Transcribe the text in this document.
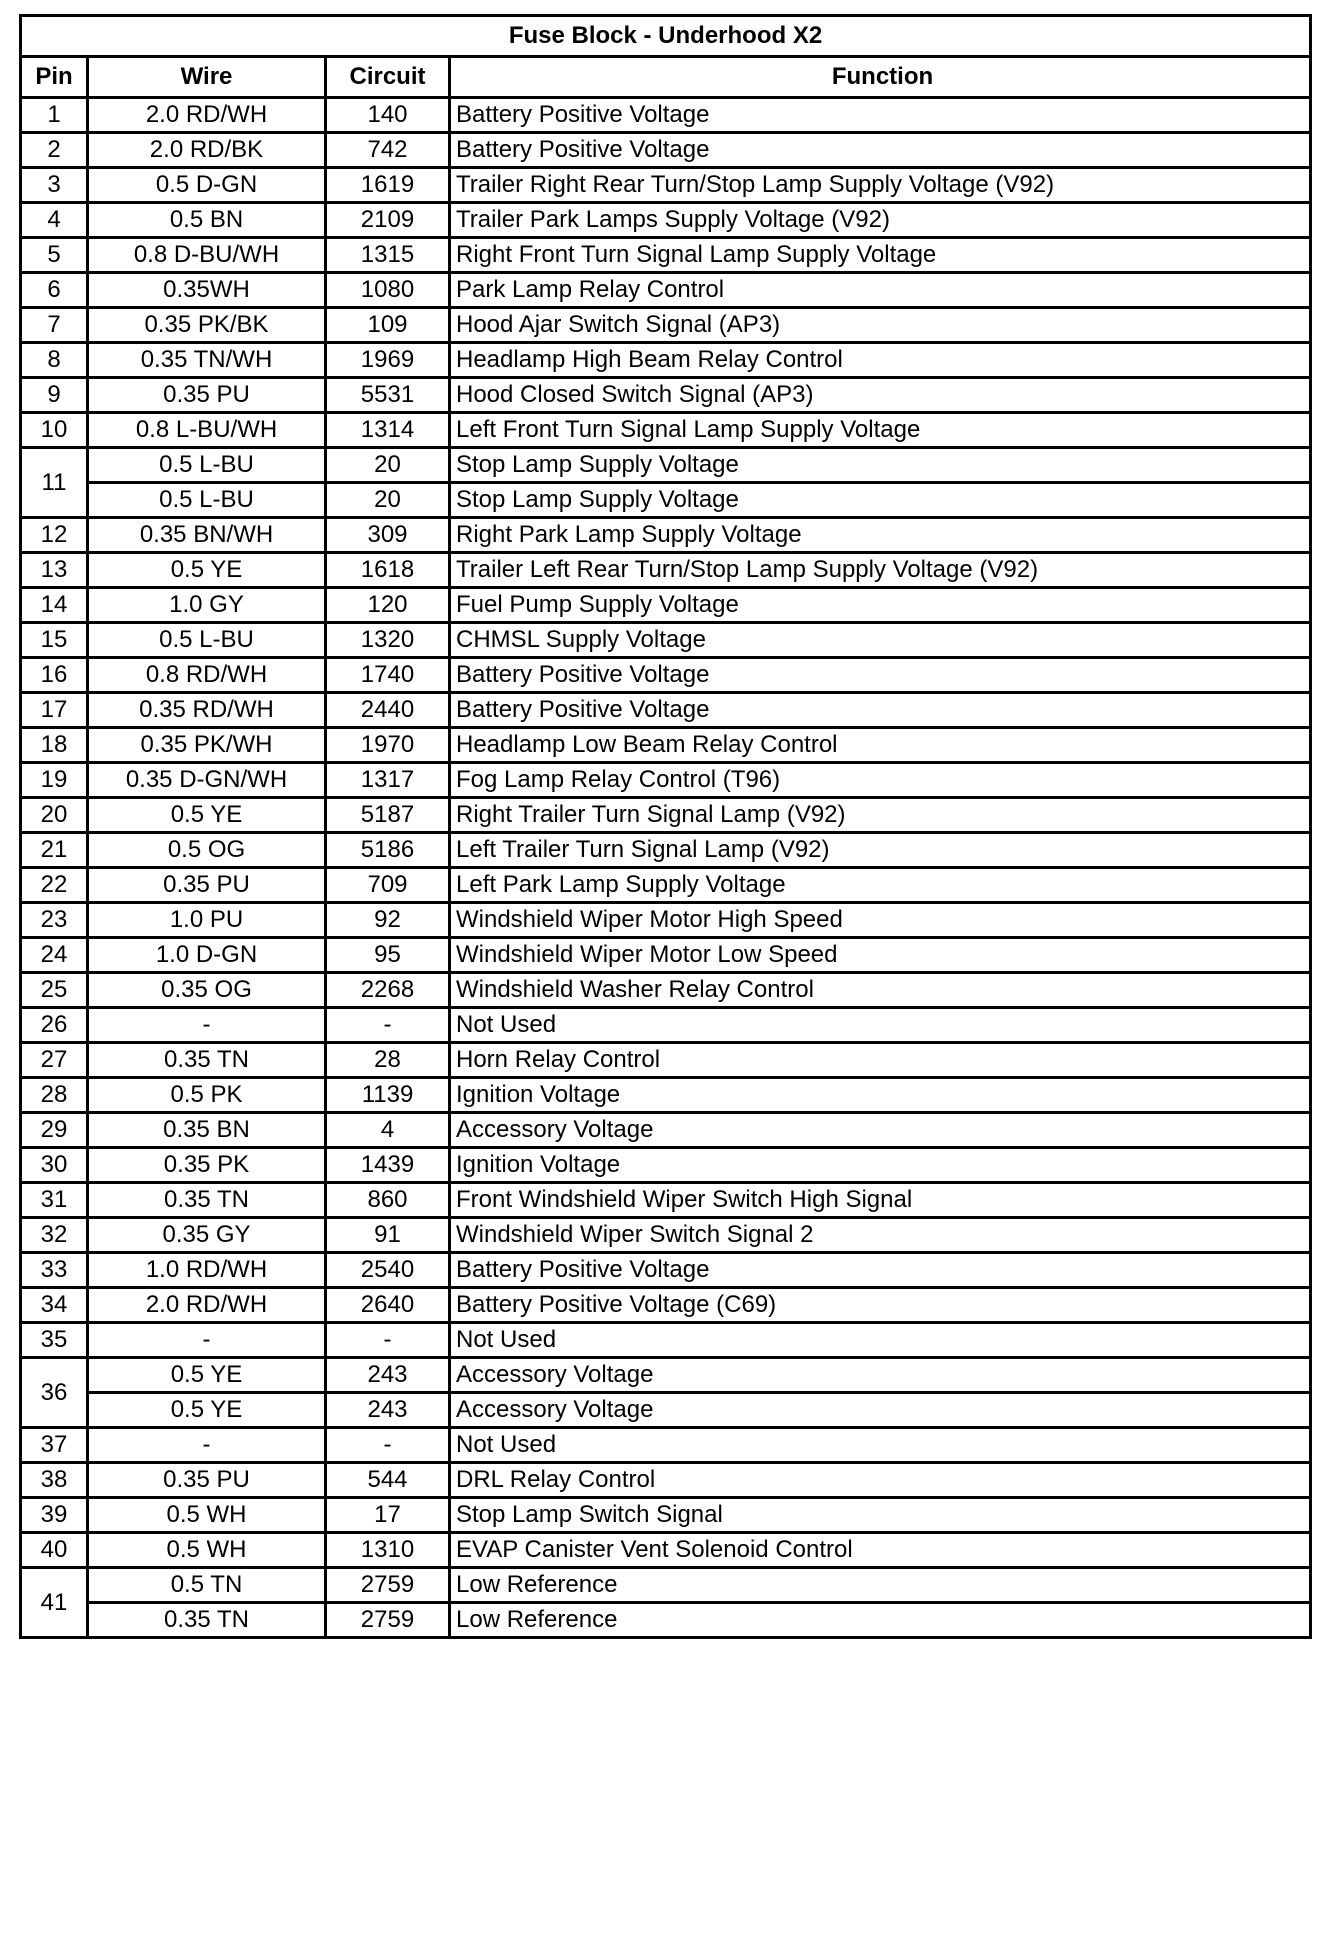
Fuse Block - Underhood X2			
Pin	Wire	Circuit	Function
1	2.0 RD/WH	140	Battery Positive Voltage
2	2.0 RD/BK	742	Battery Positive Voltage
3	0.5 D-GN	1619	Trailer Right Rear Turn/Stop Lamp Supply Voltage (V92)
4	0.5 BN	2109	Trailer Park Lamps Supply Voltage (V92)
5	0.8 D-BU/WH	1315	Right Front Turn Signal Lamp Supply Voltage
6	0.35WH	1080	Park Lamp Relay Control
7	0.35 PK/BK	109	Hood Ajar Switch Signal (AP3)
8	0.35 TN/WH	1969	Headlamp High Beam Relay Control
9	0.35 PU	5531	Hood Closed Switch Signal (AP3)
10	0.8 L-BU/WH	1314	Left Front Turn Signal Lamp Supply Voltage
11	0.5 L-BU	20	Stop Lamp Supply Voltage
	0.5 L-BU	20	Stop Lamp Supply Voltage
12	0.35 BN/WH	309	Right Park Lamp Supply Voltage
13	0.5 YE	1618	Trailer Left Rear Turn/Stop Lamp Supply Voltage (V92)
14	1.0 GY	120	Fuel Pump Supply Voltage
15	0.5 L-BU	1320	CHMSL Supply Voltage
16	0.8 RD/WH	1740	Battery Positive Voltage
17	0.35 RD/WH	2440	Battery Positive Voltage
18	0.35 PK/WH	1970	Headlamp Low Beam Relay Control
19	0.35 D-GN/WH	1317	Fog Lamp Relay Control (T96)
20	0.5 YE	5187	Right Trailer Turn Signal Lamp (V92)
21	0.5 OG	5186	Left Trailer Turn Signal Lamp (V92)
22	0.35 PU	709	Left Park Lamp Supply Voltage
23	1.0 PU	92	Windshield Wiper Motor High Speed
24	1.0 D-GN	95	Windshield Wiper Motor Low Speed
25	0.35 OG	2268	Windshield Washer Relay Control
26	-	-	Not Used
27	0.35 TN	28	Horn Relay Control
28	0.5 PK	1139	Ignition Voltage
29	0.35 BN	4	Accessory Voltage
30	0.35 PK	1439	Ignition Voltage
31	0.35 TN	860	Front Windshield Wiper Switch High Signal
32	0.35 GY	91	Windshield Wiper Switch Signal 2
33	1.0 RD/WH	2540	Battery Positive Voltage
34	2.0 RD/WH	2640	Battery Positive Voltage (C69)
35	-	-	Not Used
36	0.5 YE	243	Accessory Voltage
	0.5 YE	243	Accessory Voltage
37	-	-	Not Used
38	0.35 PU	544	DRL Relay Control
39	0.5 WH	17	Stop Lamp Switch Signal
40	0.5 WH	1310	EVAP Canister Vent Solenoid Control
41	0.5 TN	2759	Low Reference
	0.35 TN	2759	Low Reference
